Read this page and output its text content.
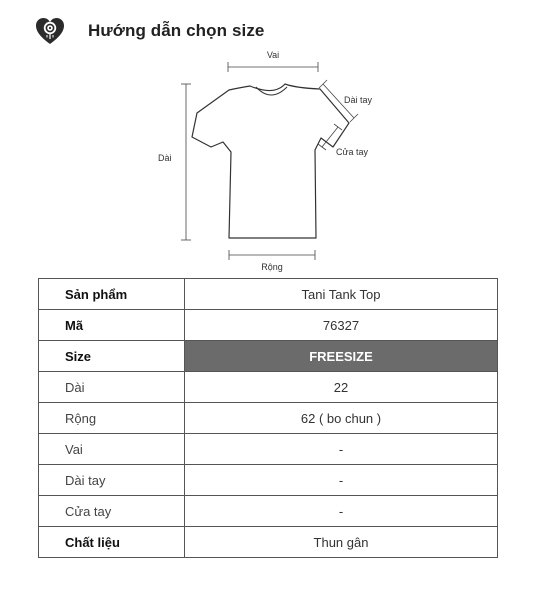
Hướng dẫn chọn size
Vai
Dài tay
Cửa tay
Dài
Rộng
Sản phẩm	Tani Tank Top
Mã	76327
Size	FREESIZE
Dài	22
Rộng	62 ( bo chun )
Vai	-
Dài tay	-
Cửa tay	-
Chất liệu	Thun gân
